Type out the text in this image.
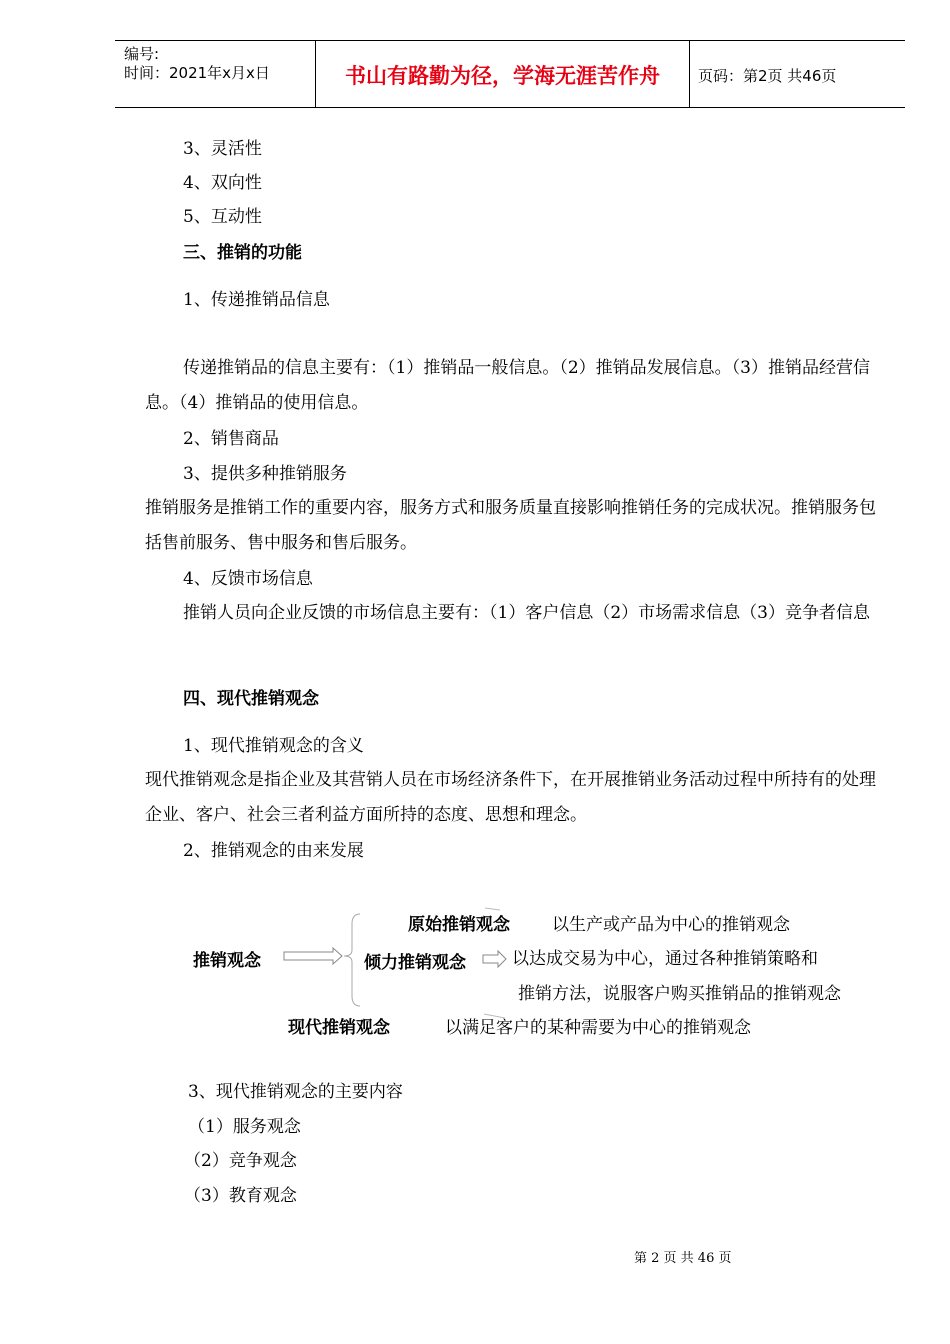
编号:
时间：2021年x月x日	书山有路勤为径，学海无涯苦作舟	页码：第2页 共46页
3、灵活性
4、双向性
5、互动性
三、推销的功能
1、传递推销品信息
传递推销品的信息主要有：（1）推销品一般信息。（2）推销品发展信息。（3）推销品经营信息。（4）推销品的使用信息。
2、销售商品
3、提供多种推销服务
推销服务是推销工作的重要内容，服务方式和服务质量直接影响推销任务的完成状况。推销服务包括售前服务、售中服务和售后服务。
4、反馈市场信息
推销人员向企业反馈的市场信息主要有：（1）客户信息（2）市场需求信息（3）竞争者信息
四、现代推销观念
1、现代推销观念的含义
现代推销观念是指企业及其营销人员在市场经济条件下，在开展推销业务活动过程中所持有的处理企业、客户、社会三者利益方面所持的态度、思想和理念。
2、推销观念的由来发展
推销观念
原始推销观念 以生产或产品为中心的推销观念
倾力推销观念	以达成交易为中心，通过各种推销策略和
推销方法，说服客户购买推销品的推销观念
现代推销观念	以满足客户的某种需要为中心的推销观念
3、现代推销观念的主要内容
（1）服务观念
（2）竞争观念
（3）教育观念
第 2 页 共 46 页
